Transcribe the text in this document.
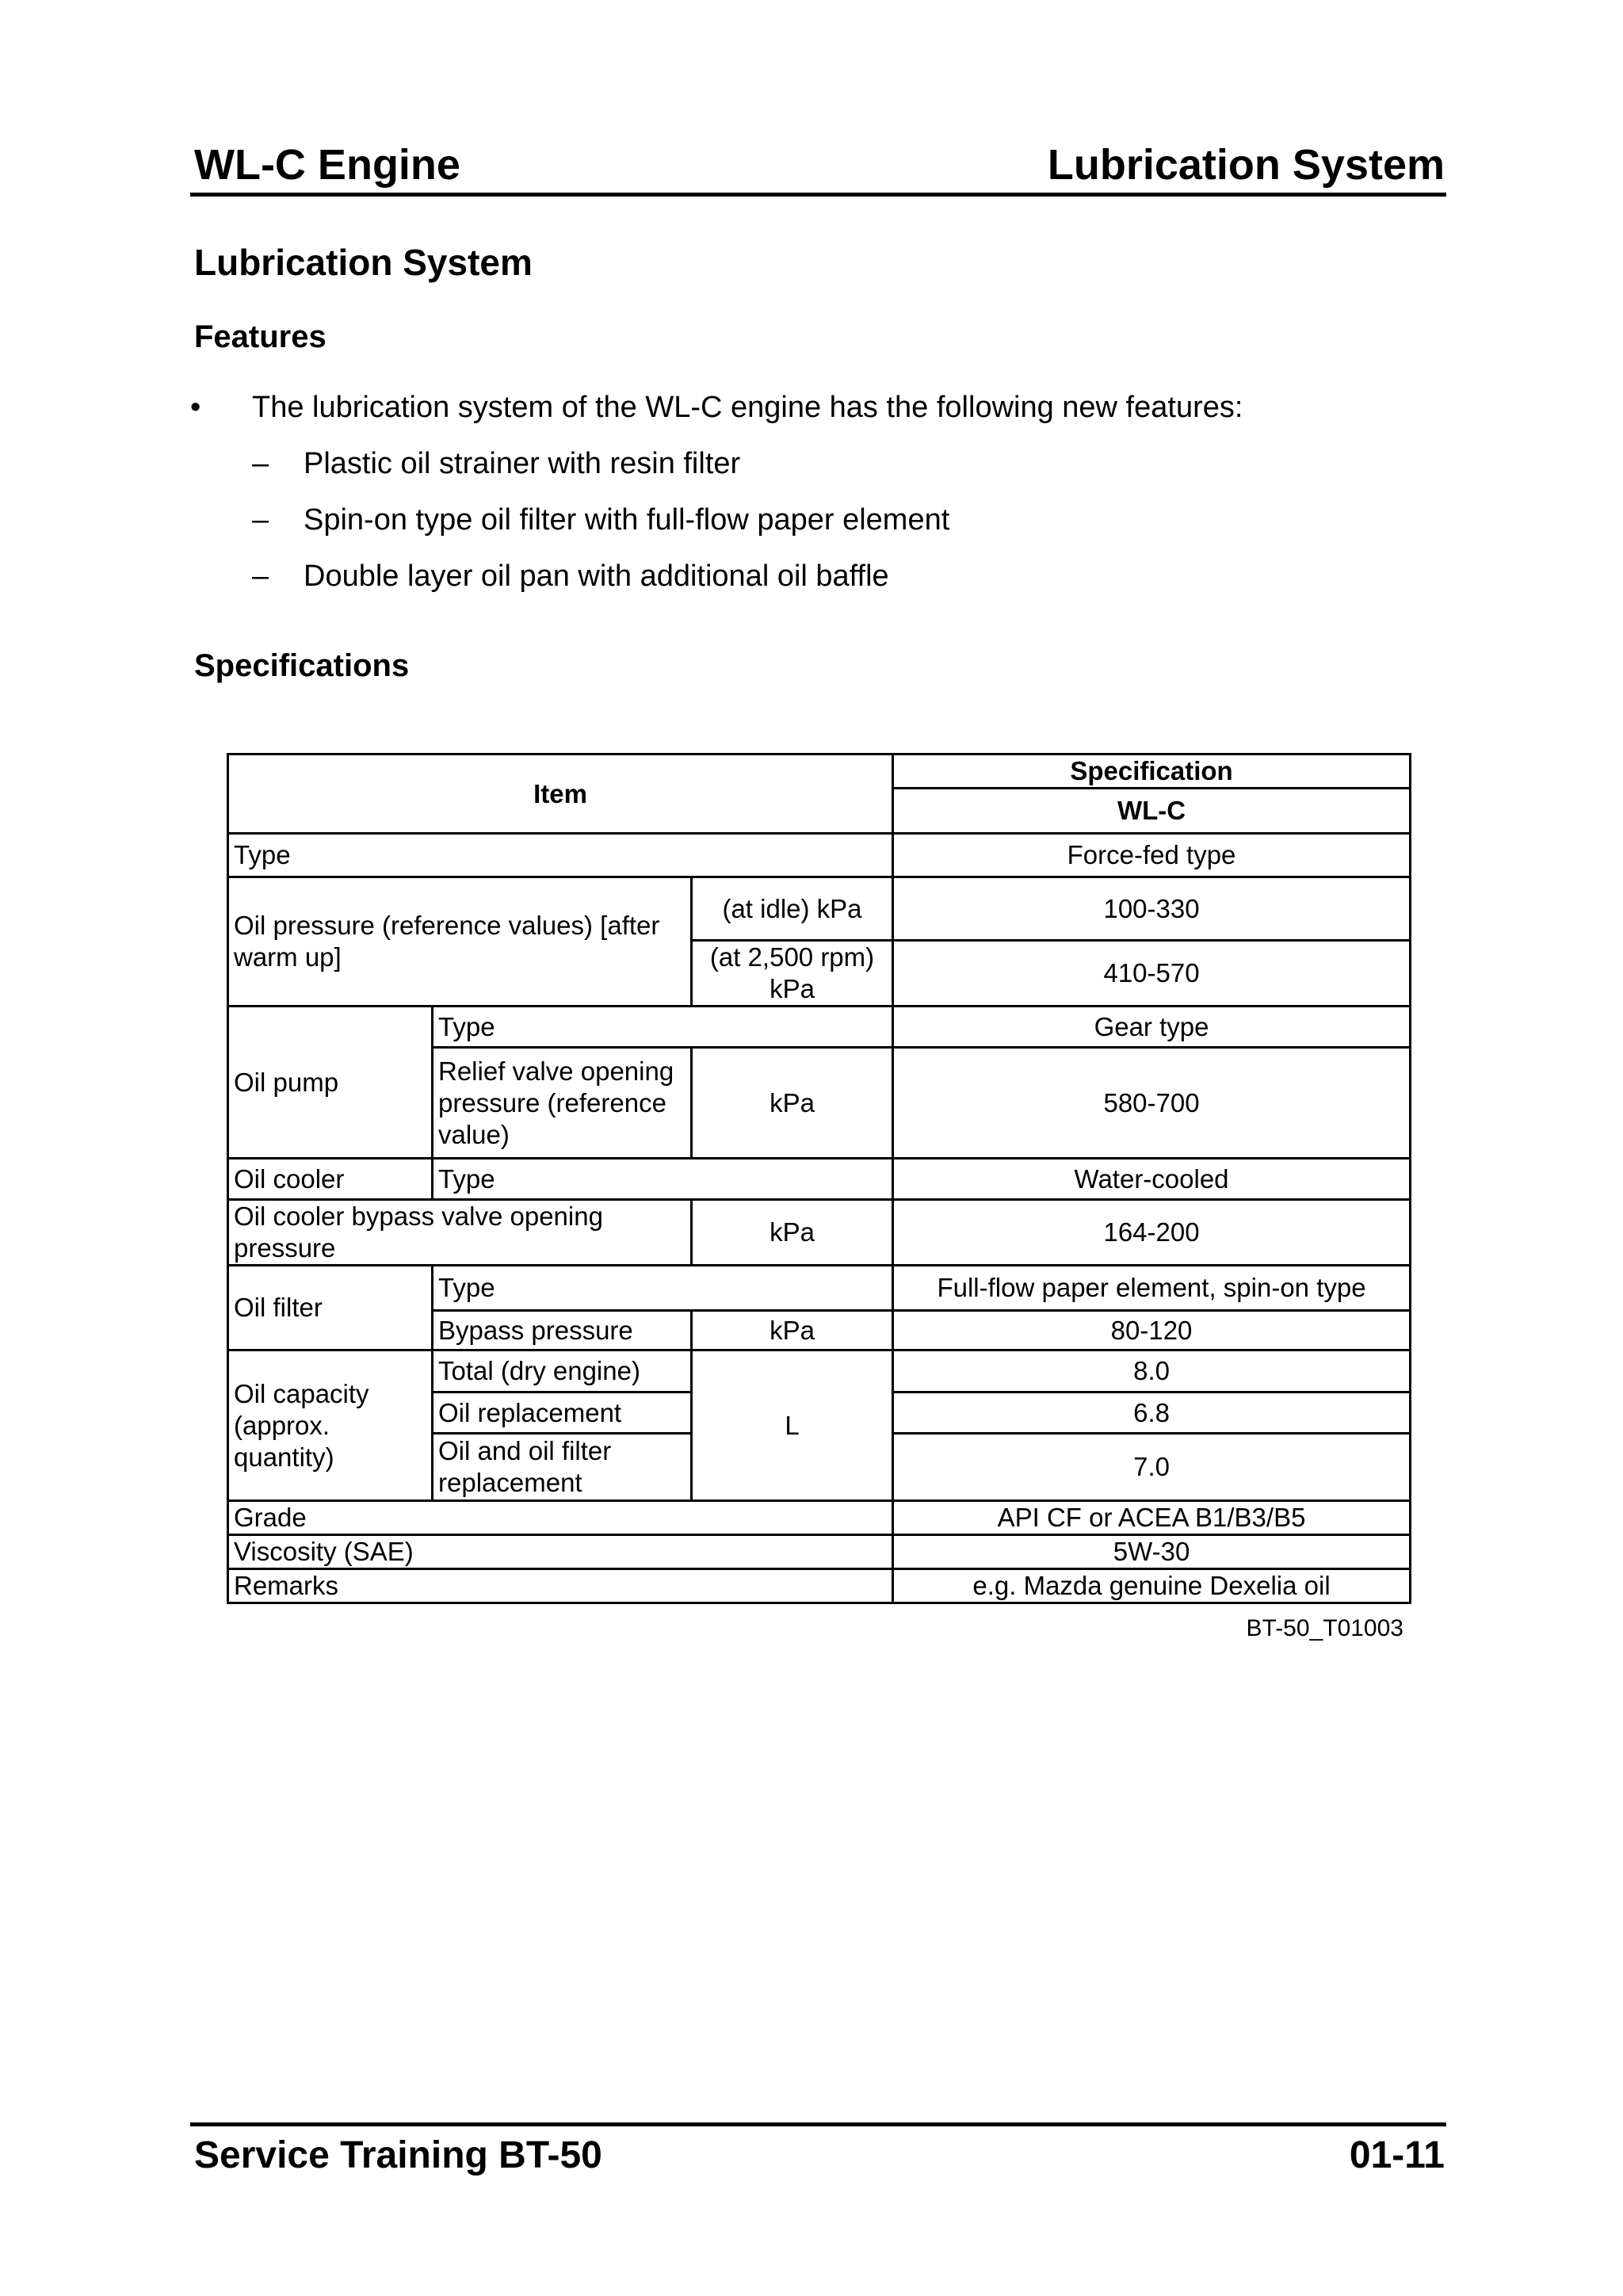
WL-C Engine	Lubrication System
Lubrication System
Features
• The lubrication system of the WL-C engine has the following new features:
– Plastic oil strainer with resin filter
– Spin-on type oil filter with full-flow paper element
– Double layer oil pan with additional oil baffle
Specifications
Item			Specification
			WL-C
Type			Force-fed type
Oil pressure (reference values) [after warm up]		(at idle) kPa	100-330
		(at 2,500 rpm) kPa	410-570
Oil pump	Type		Gear type
	Relief valve opening pressure (reference value)	kPa	580-700
Oil cooler	Type		Water-cooled
Oil cooler bypass valve opening pressure		kPa	164-200
Oil filter	Type		Full-flow paper element, spin-on type
	Bypass pressure	kPa	80-120
Oil capacity (approx. quantity)	Total (dry engine)	L	8.0
	Oil replacement		6.8
	Oil and oil filter replacement		7.0
Grade			API CF or ACEA B1/B3/B5
Viscosity (SAE)			5W-30
Remarks			e.g. Mazda genuine Dexelia oil
BT-50_T01003
Service Training BT-50	01-11
